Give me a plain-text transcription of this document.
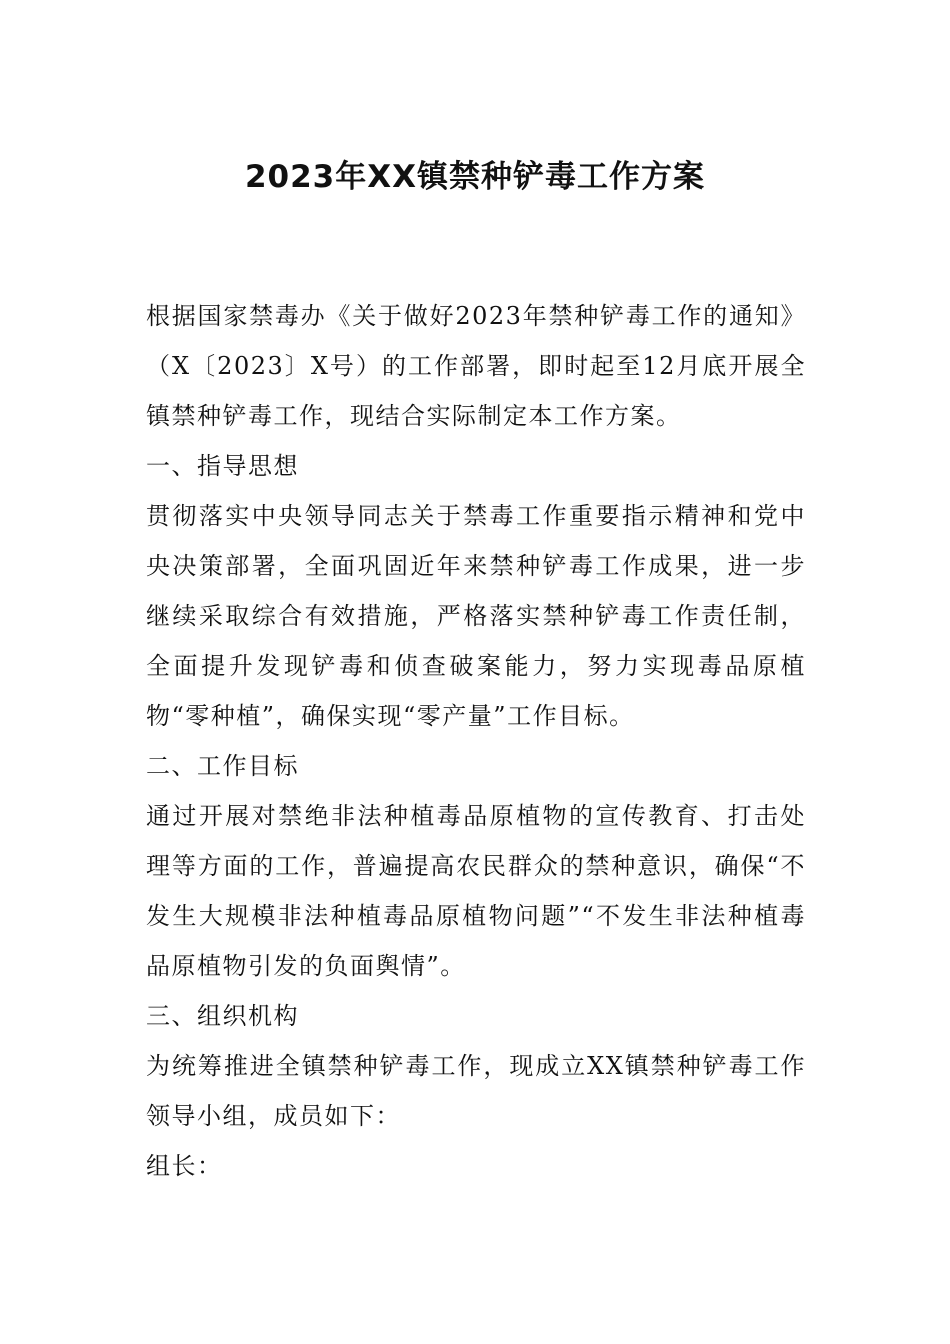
2023年XX镇禁种铲毒工作方案

根据国家禁毒办《关于做好2023年禁种铲毒工作的通知》（X〔2023〕X号）的工作部署，即时起至12月底开展全镇禁种铲毒工作，现结合实际制定本工作方案。

一、指导思想

贯彻落实中央领导同志关于禁毒工作重要指示精神和党中央决策部署，全面巩固近年来禁种铲毒工作成果，进一步继续采取综合有效措施，严格落实禁种铲毒工作责任制，全面提升发现铲毒和侦查破案能力，努力实现毒品原植物“零种植”，确保实现“零产量”工作目标。

二、工作目标

通过开展对禁绝非法种植毒品原植物的宣传教育、打击处理等方面的工作，普遍提高农民群众的禁种意识，确保“不发生大规模非法种植毒品原植物问题”“不发生非法种植毒品原植物引发的负面舆情”。

三、组织机构

为统筹推进全镇禁种铲毒工作，现成立XX镇禁种铲毒工作领导小组，成员如下：

组长：
